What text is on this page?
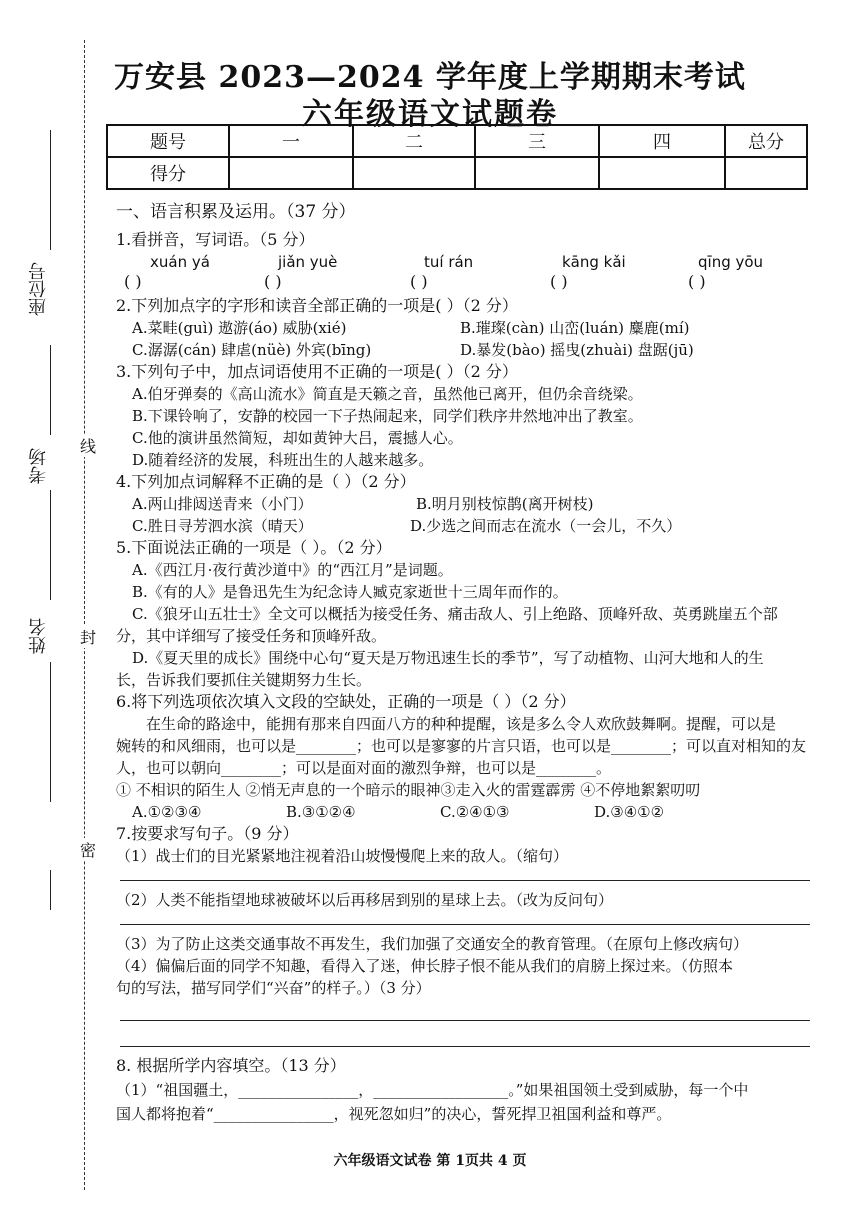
座位号
考场
姓名
线
封
密
万安县 2023—2024 学年度上学期期末考试
六年级语文试题卷
题号	一	二	三	四	总分
得分					
一、语言积累及运用。（37 分）
1.看拼音，写词语。（5 分）
xuán yá	jiǎn yuè	tuí rán	kāng kǎi	qīng yōu
( )	( )	( )	( )	( )
2.下列加点字的字形和读音全部正确的一项是( ）（2 分）
A.菜畦(guì) 遨游(áo) 威胁(xié)	B.璀璨(càn) 山峦(luán) 麋鹿(mí)
C.潺潺(cán) 肆虐(nüè) 外宾(bīng)	D.暴发(bào) 摇曳(zhuài) 盘踞(jū)
3.下列句子中，加点词语使用不正确的一项是( ）（2 分）
A.伯牙弹奏的《高山流水》简直是天籁之音，虽然他已离开，但仍余音绕梁。
B.下课铃响了，安静的校园一下子热闹起来，同学们秩序井然地冲出了教室。
C.他的演讲虽然简短，却如黄钟大吕，震撼人心。
D.随着经济的发展，科班出生的人越来越多。
4.下列加点词解释不正确的是（ ）（2 分）
A.两山排闼送青来（小门）	B.明月别枝惊鹊(离开树枝)
C.胜日寻芳泗水滨（晴天）	D.少选之间而志在流水（一会儿，不久）
5.下面说法正确的一项是（ ）。（2 分）
A.《西江月·夜行黄沙道中》的“西江月”是词题。
B.《有的人》是鲁迅先生为纪念诗人臧克家逝世十三周年而作的。
C.《狼牙山五壮士》全文可以概括为接受任务、痛击敌人、引上绝路、顶峰歼敌、英勇跳崖五个部
分，其中详细写了接受任务和顶峰歼敌。
D.《夏天里的成长》围绕中心句“夏天是万物迅速生长的季节”，写了动植物、山河大地和人的生
长，告诉我们要抓住关键期努力生长。
6.将下列选项依次填入文段的空缺处，正确的一项是（ ）（2 分）
在生命的路途中，能拥有那来自四面八方的种种提醒，该是多么令人欢欣鼓舞啊。提醒，可以是
婉转的和风细雨，也可以是________；也可以是寥寥的片言只语，也可以是________；可以直对相知的友
人，也可以朝向________；可以是面对面的激烈争辩，也可以是________。
① 不相识的陌生人 ②悄无声息的一个暗示的眼神③走入火的雷霆霹雳 ④不停地絮絮叨叨
A.①②③④	B.③①②④	C.②④①③	D.③④①②
7.按要求写句子。（9 分）
（1）战士们的目光紧紧地注视着沿山坡慢慢爬上来的敌人。（缩句）
（2）人类不能指望地球被破坏以后再移居到别的星球上去。（改为反问句）
（3）为了防止这类交通事故不再发生，我们加强了交通安全的教育管理。（在原句上修改病句）
（4）偏偏后面的同学不知趣，看得入了迷，伸长脖子恨不能从我们的肩膀上探过来。（仿照本
句的写法，描写同学们“兴奋”的样子。）（3 分）
8. 根据所学内容填空。（13 分）
（1）“祖国疆土，________________，__________________。”如果祖国领土受到威胁，每一个中
国人都将抱着“________________，视死忽如归”的决心，誓死捍卫祖国利益和尊严。
六年级语文试卷 第 1页共 4 页
